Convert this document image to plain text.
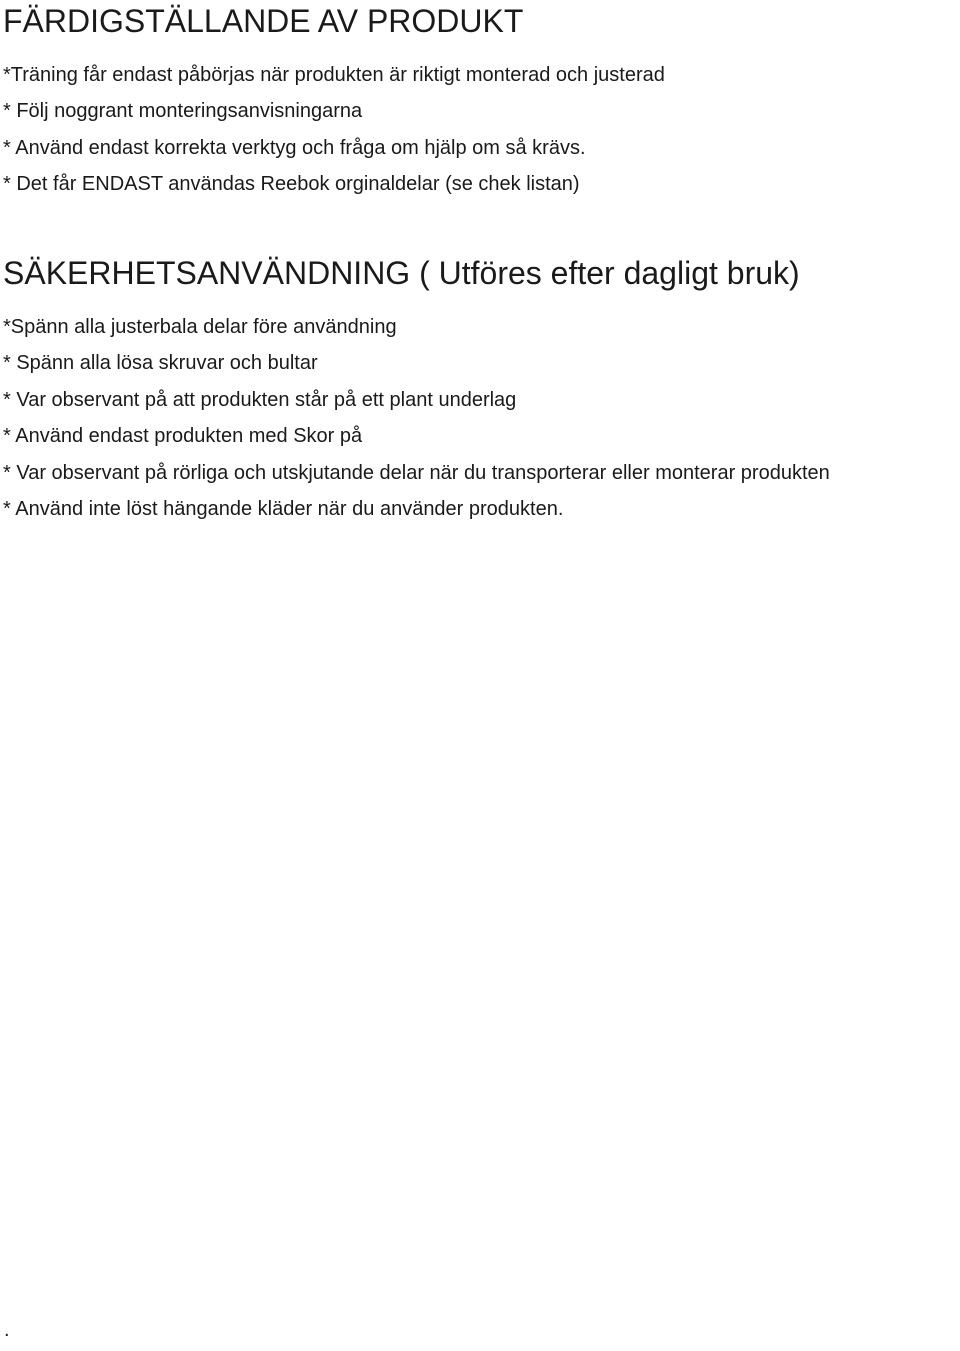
FÄRDIGSTÄLLANDE AV PRODUKT
*Träning får endast påbörjas när produkten är riktigt monterad och justerad
* Följ noggrant monteringsanvisningarna
* Använd endast korrekta verktyg och fråga om hjälp om så krävs.
* Det får ENDAST användas Reebok orginaldelar (se chek listan)
SÄKERHETSANVÄNDNING ( Utföres efter dagligt bruk)
*Spänn alla justerbala delar före användning
* Spänn alla lösa skruvar och bultar
* Var observant på att produkten står på ett plant underlag
* Använd endast produkten med Skor på
* Var observant på rörliga och utskjutande delar när du transporterar eller monterar produkten
* Använd inte löst hängande kläder när du använder produkten.
.
